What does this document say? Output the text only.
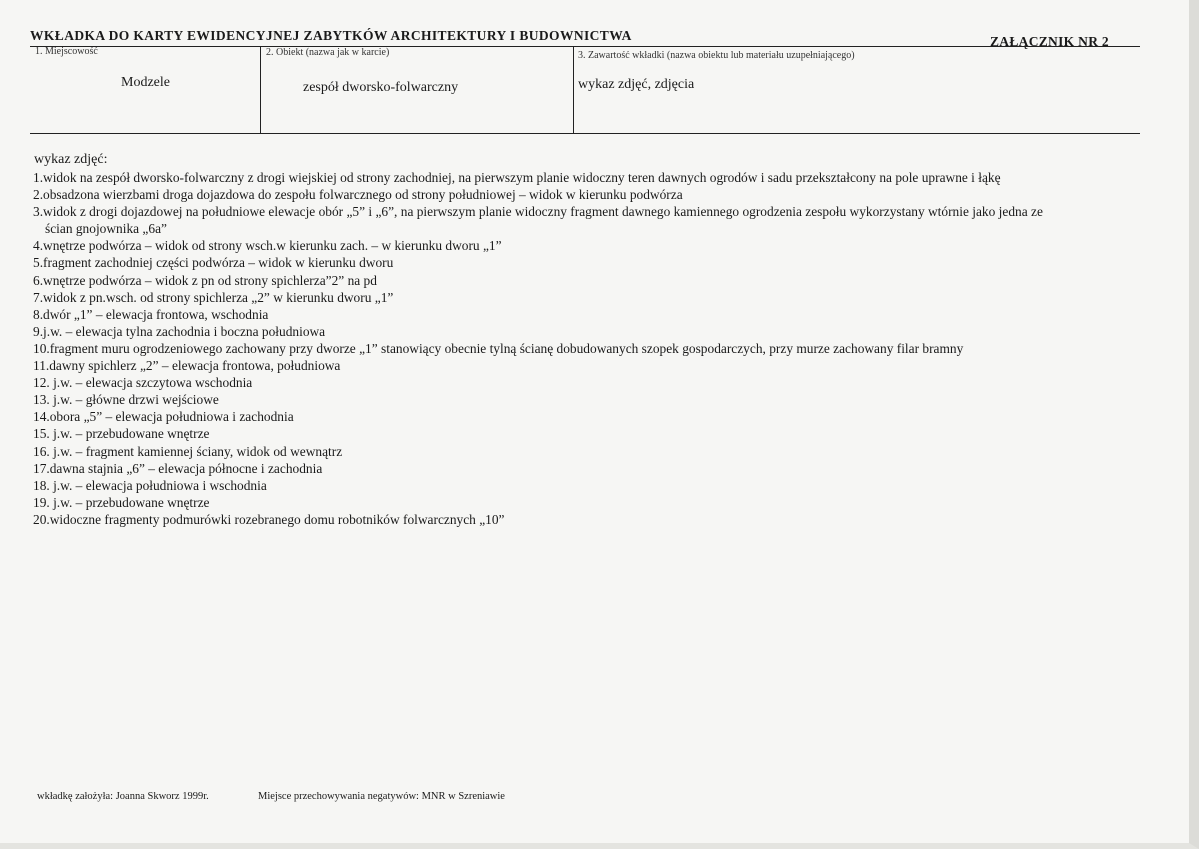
WKŁADKA DO KARTY EWIDENCYJNEJ ZABYTKÓW ARCHITEKTURY I BUDOWNICTWA	ZAŁĄCZNIK NR 2
1. Miejscowość
Modzele
2. Obiekt (nazwa jak w karcie)
zespół dworsko-folwarczny
3. Zawartość wkładki (nazwa obiektu lub materiału uzupełniającego)
wykaz zdjęć, zdjęcia
wykaz zdjęć:
1.widok na zespół dworsko-folwarczny z drogi wiejskiej od strony zachodniej, na pierwszym planie widoczny teren dawnych ogrodów i sadu przekształcony na pole uprawne i łąkę
2.obsadzona wierzbami droga dojazdowa do zespołu folwarcznego od strony południowej – widok w kierunku podwórza
3.widok z drogi dojazdowej na południowe elewacje obór „5” i „6”, na pierwszym planie widoczny fragment dawnego kamiennego ogrodzenia zespołu wykorzystany wtórnie jako jedna ze
ścian gnojownika „6a”
4.wnętrze podwórza – widok od strony wsch.w kierunku zach. – w kierunku dworu „1”
5.fragment zachodniej części podwórza – widok w kierunku dworu
6.wnętrze podwórza – widok z pn od strony spichlerza”2” na pd
7.widok z pn.wsch. od strony spichlerza „2” w kierunku dworu „1”
8.dwór „1” – elewacja frontowa, wschodnia
9.j.w. – elewacja tylna zachodnia i boczna południowa
10.fragment muru ogrodzeniowego zachowany przy dworze „1” stanowiący obecnie tylną ścianę dobudowanych szopek gospodarczych, przy murze zachowany filar bramny
11.dawny spichlerz „2” – elewacja frontowa, południowa
12. j.w. – elewacja szczytowa wschodnia
13. j.w. – główne drzwi wejściowe
14.obora „5” – elewacja południowa i zachodnia
15. j.w. – przebudowane wnętrze
16. j.w. – fragment kamiennej ściany, widok od wewnątrz
17.dawna stajnia „6” – elewacja północne i zachodnia
18. j.w. – elewacja południowa i wschodnia
19. j.w. – przebudowane wnętrze
20.widoczne fragmenty podmurówki rozebranego domu robotników folwarcznych „10”
wkładkę założyła: Joanna Skworz 1999r.	Miejsce przechowywania negatywów: MNR w Szreniawie
